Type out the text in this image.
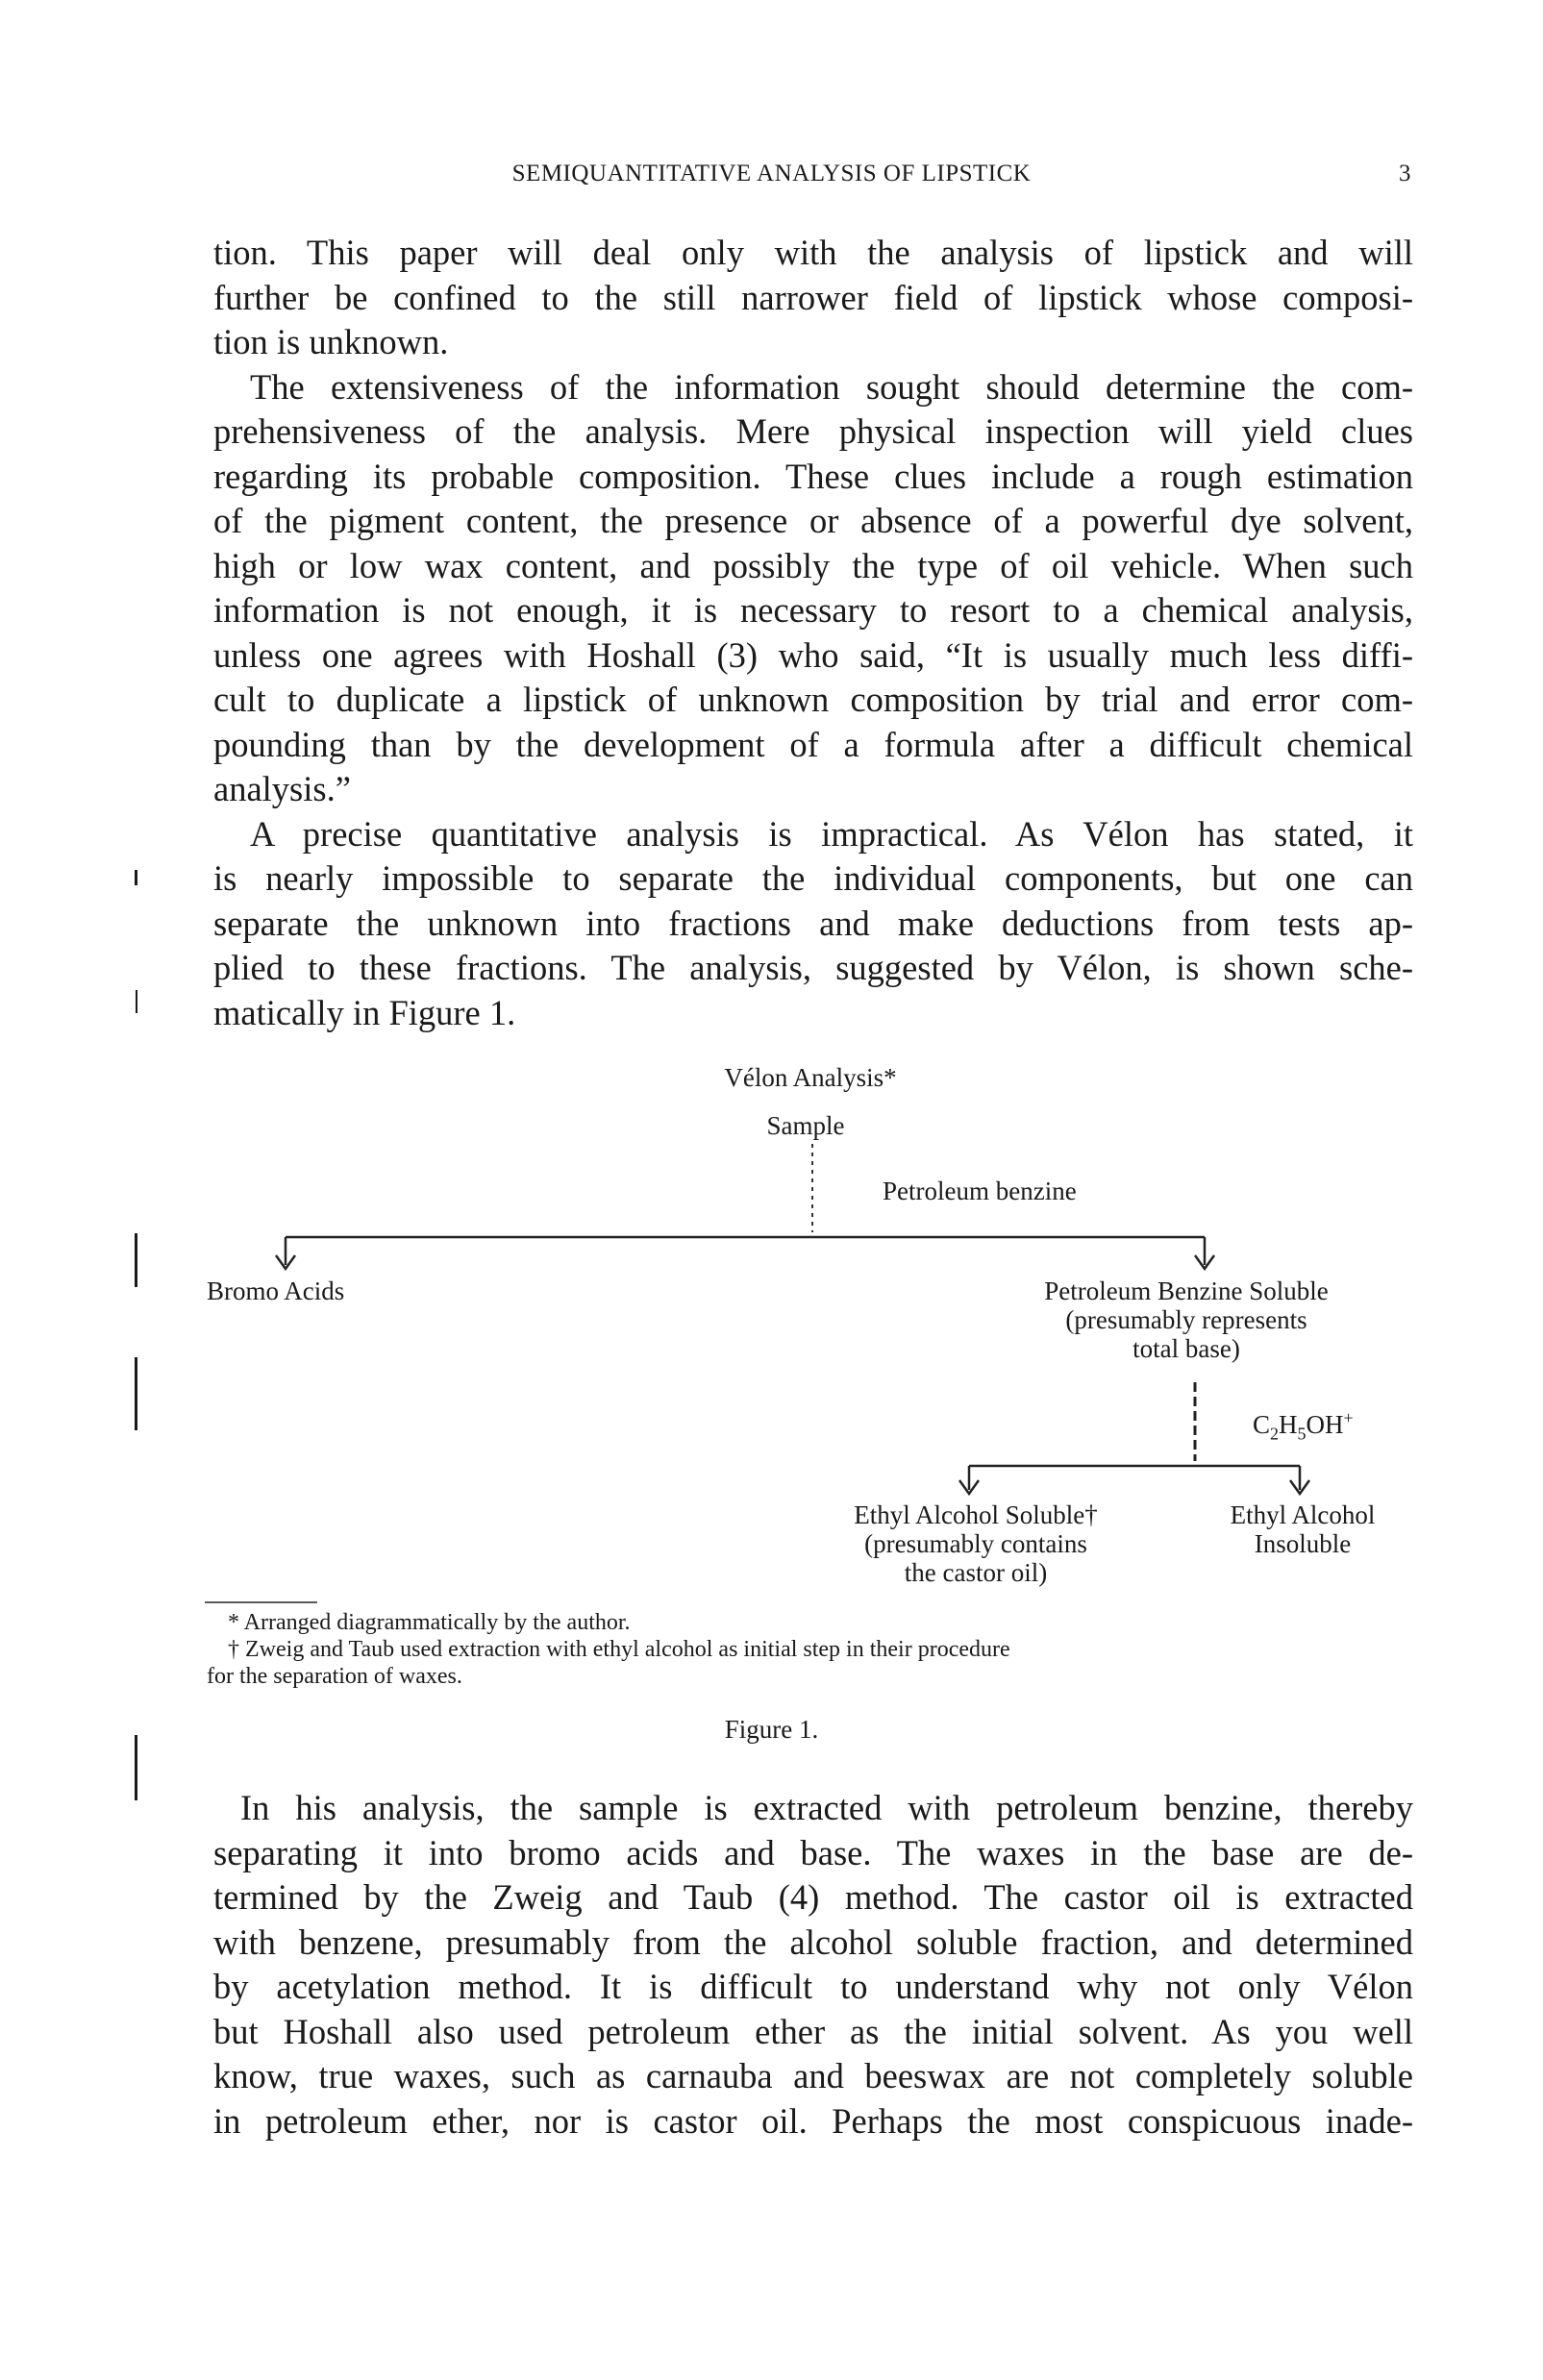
SEMIQUANTITATIVE ANALYSIS OF LIPSTICK	3
tion. This paper will deal only with the analysis of lipstick and will
further be confined to the still narrower field of lipstick whose composi-
tion is unknown.
The extensiveness of the information sought should determine the com-
prehensiveness of the analysis. Mere physical inspection will yield clues
regarding its probable composition. These clues include a rough estimation
of the pigment content, the presence or absence of a powerful dye solvent,
high or low wax content, and possibly the type of oil vehicle. When such
information is not enough, it is necessary to resort to a chemical analysis,
unless one agrees with Hoshall (3) who said, “It is usually much less diffi-
cult to duplicate a lipstick of unknown composition by trial and error com-
pounding than by the development of a formula after a difficult chemical
analysis.”
A precise quantitative analysis is impractical. As Vélon has stated, it
is nearly impossible to separate the individual components, but one can
separate the unknown into fractions and make deductions from tests ap-
plied to these fractions. The analysis, suggested by Vélon, is shown sche-
matically in Figure 1.
Vélon Analysis*
Sample
Petroleum benzine
Bromo Acids	Petroleum Benzine Soluble
(presumably represents
total base)
$C_2H_5OH^+$
Ethyl Alcohol Soluble†
(presumably contains
the castor oil)
Ethyl Alcohol
Insoluble
* Arranged diagrammatically by the author.
† Zweig and Taub used extraction with ethyl alcohol as initial step in their procedure
for the separation of waxes.
Figure 1.
In his analysis, the sample is extracted with petroleum benzine, thereby
separating it into bromo acids and base. The waxes in the base are de-
termined by the Zweig and Taub (4) method. The castor oil is extracted
with benzene, presumably from the alcohol soluble fraction, and determined
by acetylation method. It is difficult to understand why not only Vélon
but Hoshall also used petroleum ether as the initial solvent. As you well
know, true waxes, such as carnauba and beeswax are not completely soluble
in petroleum ether, nor is castor oil. Perhaps the most conspicuous inade-
